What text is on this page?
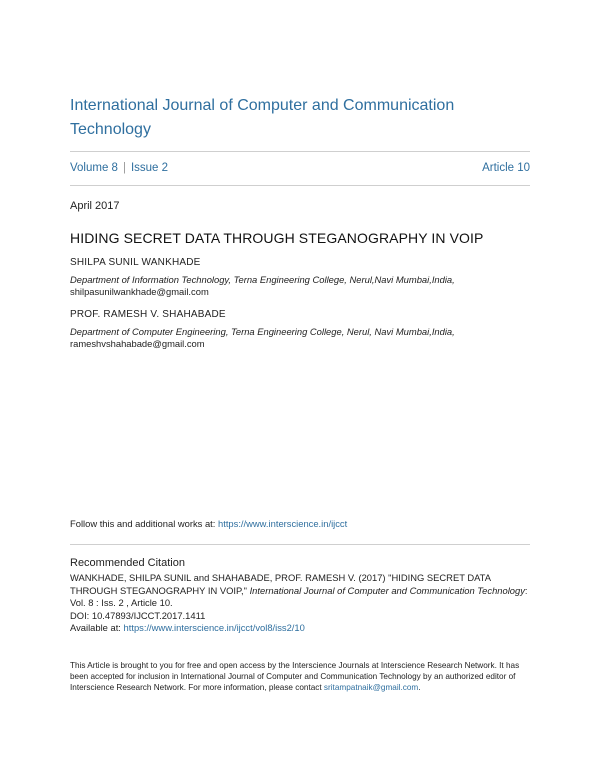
International Journal of Computer and Communication Technology
Volume 8 | Issue 2	Article 10
April 2017
HIDING SECRET DATA THROUGH STEGANOGRAPHY IN VOIP
SHILPA SUNIL WANKHADE
Department of Information Technology, Terna Engineering College, Nerul,Navi Mumbai,India,
shilpasunilwankhade@gmail.com
PROF. RAMESH V. SHAHABADE
Department of Computer Engineering, Terna Engineering College, Nerul, Navi Mumbai,India,
rameshvshahabade@gmail.com
Follow this and additional works at: https://www.interscience.in/ijcct
Recommended Citation
WANKHADE, SHILPA SUNIL and SHAHABADE, PROF. RAMESH V. (2017) "HIDING SECRET DATA THROUGH STEGANOGRAPHY IN VOIP," International Journal of Computer and Communication Technology: Vol. 8 : Iss. 2 , Article 10.
DOI: 10.47893/IJCCT.2017.1411
Available at: https://www.interscience.in/ijcct/vol8/iss2/10
This Article is brought to you for free and open access by the Interscience Journals at Interscience Research Network. It has been accepted for inclusion in International Journal of Computer and Communication Technology by an authorized editor of Interscience Research Network. For more information, please contact sritampatnaik@gmail.com.
